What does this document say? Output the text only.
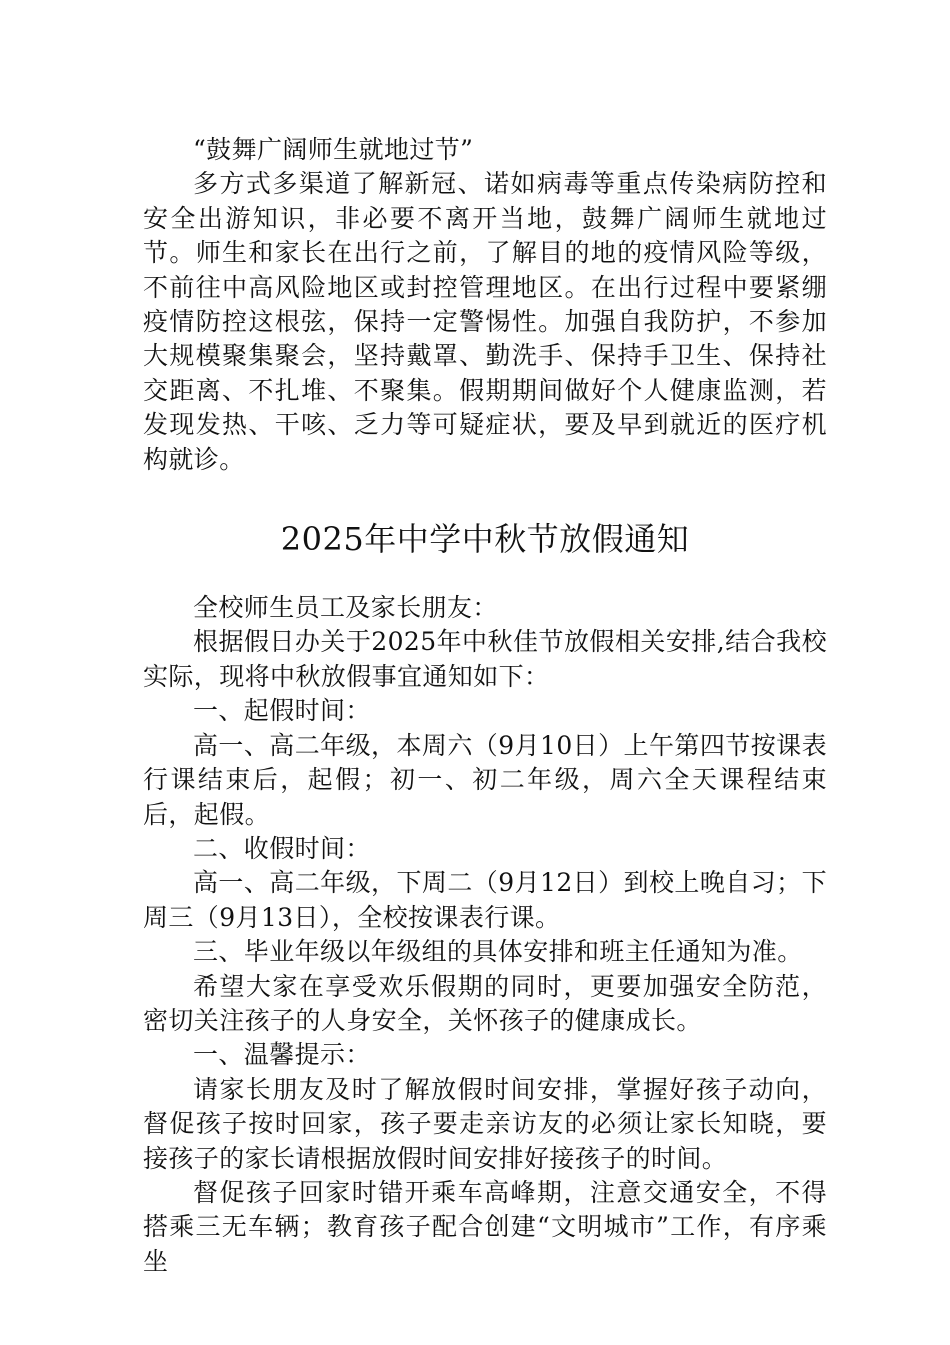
“鼓舞广阔师生就地过节”

多方式多渠道了解新冠、诺如病毒等重点传染病防控和安全出游知识，非必要不离开当地，鼓舞广阔师生就地过节。师生和家长在出行之前，了解目的地的疫情风险等级，不前往中高风险地区或封控管理地区。在出行过程中要紧绷疫情防控这根弦，保持一定警惕性。加强自我防护，不参加大规模聚集聚会，坚持戴罩、勤洗手、保持手卫生、保持社交距离、不扎堆、不聚集。假期期间做好个人健康监测，若发现发热、干咳、乏力等可疑症状，要及早到就近的医疗机构就诊。

2025年中学中秋节放假通知

全校师生员工及家长朋友：

根据假日办关于2025年中秋佳节放假相关安排,结合我校实际，现将中秋放假事宜通知如下：

一、起假时间：

高一、高二年级，本周六（9月10日）上午第四节按课表行课结束后，起假；初一、初二年级，周六全天课程结束后，起假。

二、收假时间：

高一、高二年级，下周二（9月12日）到校上晚自习；下周三（9月13日），全校按课表行课。

三、毕业年级以年级组的具体安排和班主任通知为准。

希望大家在享受欢乐假期的同时，更要加强安全防范，密切关注孩子的人身安全，关怀孩子的健康成长。

一、温馨提示：

请家长朋友及时了解放假时间安排，掌握好孩子动向，督促孩子按时回家，孩子要走亲访友的必须让家长知晓，要接孩子的家长请根据放假时间安排好接孩子的时间。

督促孩子回家时错开乘车高峰期，注意交通安全，不得搭乘三无车辆；教育孩子配合创建“文明城市”工作，有序乘坐
